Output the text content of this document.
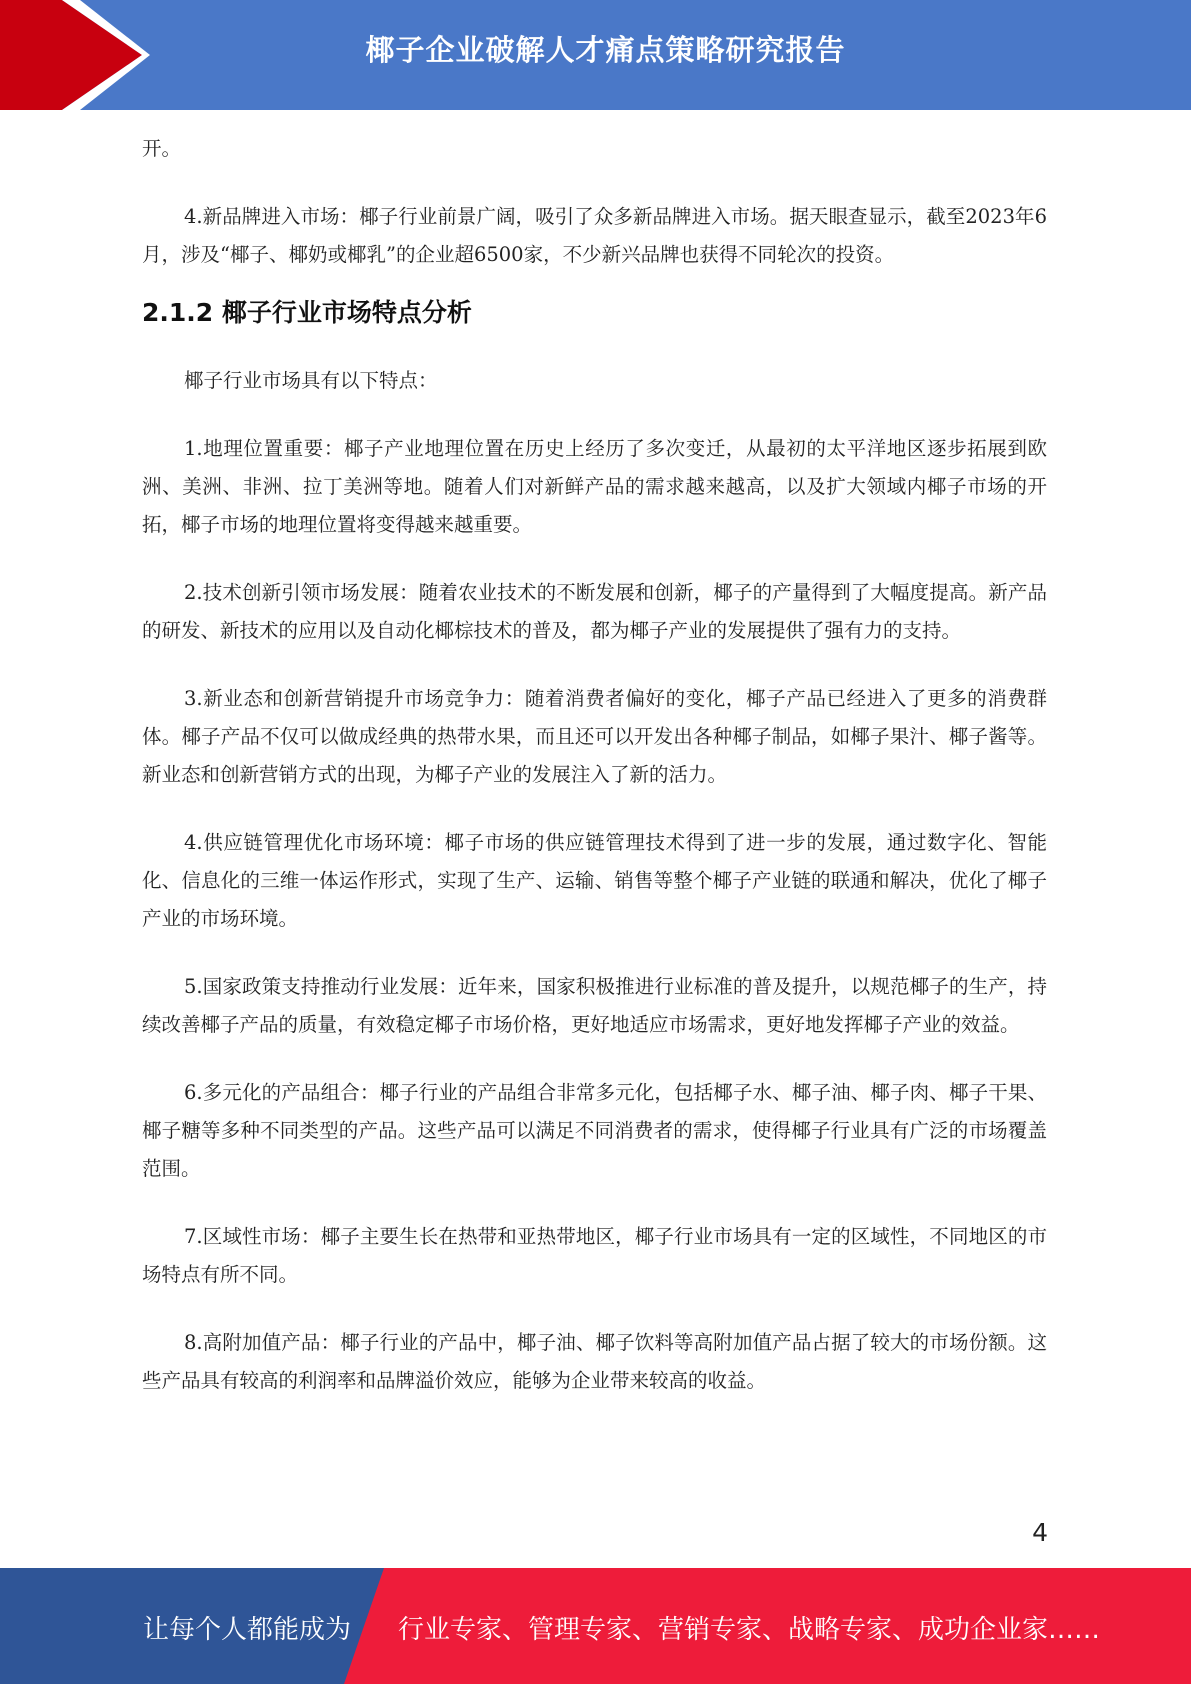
椰子企业破解人才痛点策略研究报告

开。

4.新品牌进入市场：椰子行业前景广阔，吸引了众多新品牌进入市场。据天眼查显示，截至2023年6月，涉及“椰子、椰奶或椰乳”的企业超6500家，不少新兴品牌也获得不同轮次的投资。

2.1.2 椰子行业市场特点分析

椰子行业市场具有以下特点：

1.地理位置重要：椰子产业地理位置在历史上经历了多次变迁，从最初的太平洋地区逐步拓展到欧洲、美洲、非洲、拉丁美洲等地。随着人们对新鲜产品的需求越来越高，以及扩大领域内椰子市场的开拓，椰子市场的地理位置将变得越来越重要。

2.技术创新引领市场发展：随着农业技术的不断发展和创新，椰子的产量得到了大幅度提高。新产品的研发、新技术的应用以及自动化椰棕技术的普及，都为椰子产业的发展提供了强有力的支持。

3.新业态和创新营销提升市场竞争力：随着消费者偏好的变化，椰子产品已经进入了更多的消费群体。椰子产品不仅可以做成经典的热带水果，而且还可以开发出各种椰子制品，如椰子果汁、椰子酱等。新业态和创新营销方式的出现，为椰子产业的发展注入了新的活力。

4.供应链管理优化市场环境：椰子市场的供应链管理技术得到了进一步的发展，通过数字化、智能化、信息化的三维一体运作形式，实现了生产、运输、销售等整个椰子产业链的联通和解决，优化了椰子产业的市场环境。

5.国家政策支持推动行业发展：近年来，国家积极推进行业标准的普及提升，以规范椰子的生产，持续改善椰子产品的质量，有效稳定椰子市场价格，更好地适应市场需求，更好地发挥椰子产业的效益。

6.多元化的产品组合：椰子行业的产品组合非常多元化，包括椰子水、椰子油、椰子肉、椰子干果、椰子糖等多种不同类型的产品。这些产品可以满足不同消费者的需求，使得椰子行业具有广泛的市场覆盖范围。

7.区域性市场：椰子主要生长在热带和亚热带地区，椰子行业市场具有一定的区域性，不同地区的市场特点有所不同。

8.高附加值产品：椰子行业的产品中，椰子油、椰子饮料等高附加值产品占据了较大的市场份额。这些产品具有较高的利润率和品牌溢价效应，能够为企业带来较高的收益。

4
让每个人都能成为 行业专家、管理专家、营销专家、战略专家、成功企业家……
